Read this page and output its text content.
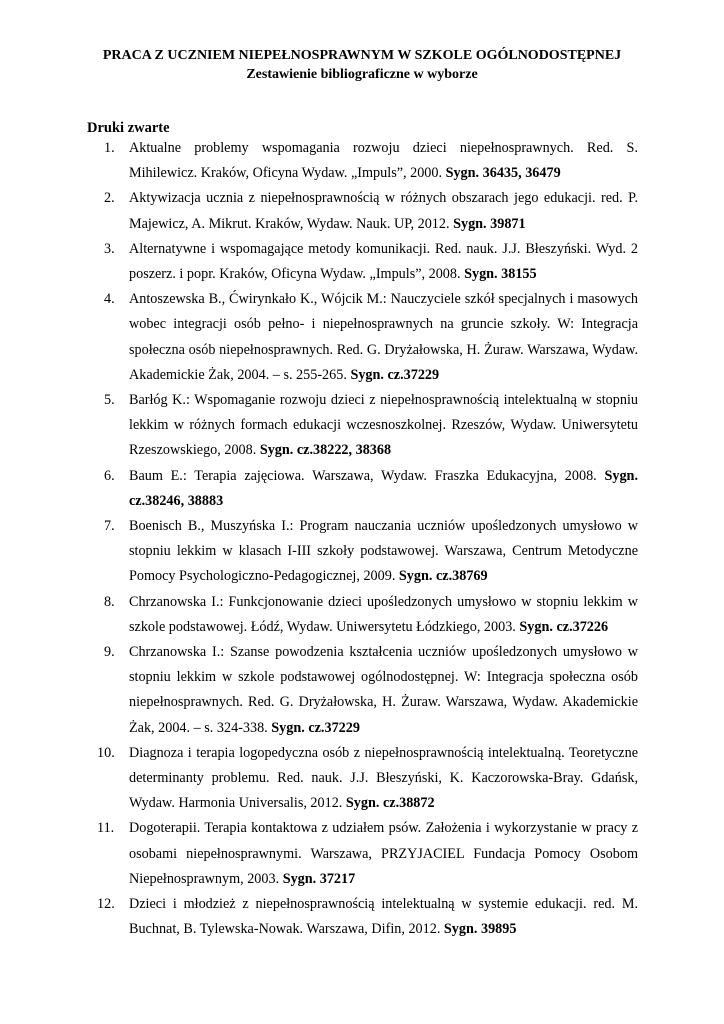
PRACA Z UCZNIEM NIEPEŁNOSPRAWNYM W SZKOLE OGÓLNODOSTĘPNEJ
Zestawienie bibliograficzne w wyborze
Druki zwarte
1.	Aktualne problemy wspomagania rozwoju dzieci niepełnosprawnych. Red. S. Mihilewicz. Kraków, Oficyna Wydaw. „Impuls”, 2000. Sygn. 36435, 36479
2.	Aktywizacja ucznia z niepełnosprawnością w różnych obszarach jego edukacji. red. P. Majewicz, A. Mikrut. Kraków, Wydaw. Nauk. UP, 2012. Sygn. 39871
3.	Alternatywne i wspomagające metody komunikacji. Red. nauk. J.J. Błeszyński. Wyd. 2 poszerz. i popr. Kraków, Oficyna Wydaw. „Impuls”, 2008. Sygn. 38155
4.	Antoszewska B., Ćwirynkało K., Wójcik M.: Nauczyciele szkół specjalnych i masowych wobec integracji osób pełno- i niepełnosprawnych na gruncie szkoły. W: Integracja społeczna osób niepełnosprawnych. Red. G. Dryżałowska, H. Żuraw. Warszawa, Wydaw. Akademickie Żak, 2004. – s. 255-265. Sygn. cz.37229
5.	Barłóg K.: Wspomaganie rozwoju dzieci z niepełnosprawnością intelektualną w stopniu lekkim w różnych formach edukacji wczesnoszkolnej. Rzeszów, Wydaw. Uniwersytetu Rzeszowskiego, 2008. Sygn. cz.38222, 38368
6.	Baum E.: Terapia zajęciowa. Warszawa, Wydaw. Fraszka Edukacyjna, 2008. Sygn. cz.38246, 38883
7.	Boenisch B., Muszyńska I.: Program nauczania uczniów upośledzonych umysłowo w stopniu lekkim w klasach I-III szkoły podstawowej. Warszawa, Centrum Metodyczne Pomocy Psychologiczno-Pedagogicznej, 2009. Sygn. cz.38769
8.	Chrzanowska I.: Funkcjonowanie dzieci upośledzonych umysłowo w stopniu lekkim w szkole podstawowej. Łódź, Wydaw. Uniwersytetu Łódzkiego, 2003. Sygn. cz.37226
9.	Chrzanowska I.: Szanse powodzenia kształcenia uczniów upośledzonych umysłowo w stopniu lekkim w szkole podstawowej ogólnodostępnej. W: Integracja społeczna osób niepełnosprawnych. Red. G. Dryżałowska, H. Żuraw. Warszawa, Wydaw. Akademickie Żak, 2004. – s. 324-338. Sygn. cz.37229
10.	Diagnoza i terapia logopedyczna osób z niepełnosprawnością intelektualną. Teoretyczne determinanty problemu. Red. nauk. J.J. Błeszyński, K. Kaczorowska-Bray. Gdańsk, Wydaw. Harmonia Universalis, 2012. Sygn. cz.38872
11.	Dogoterapii. Terapia kontaktowa z udziałem psów. Założenia i wykorzystanie w pracy z osobami niepełnosprawnymi. Warszawa, PRZYJACIEL Fundacja Pomocy Osobom Niepełnosprawnym, 2003. Sygn. 37217
12.	Dzieci i młodzież z niepełnosprawnością intelektualną w systemie edukacji. red. M. Buchnat, B. Tylewska-Nowak. Warszawa, Difin, 2012. Sygn. 39895
